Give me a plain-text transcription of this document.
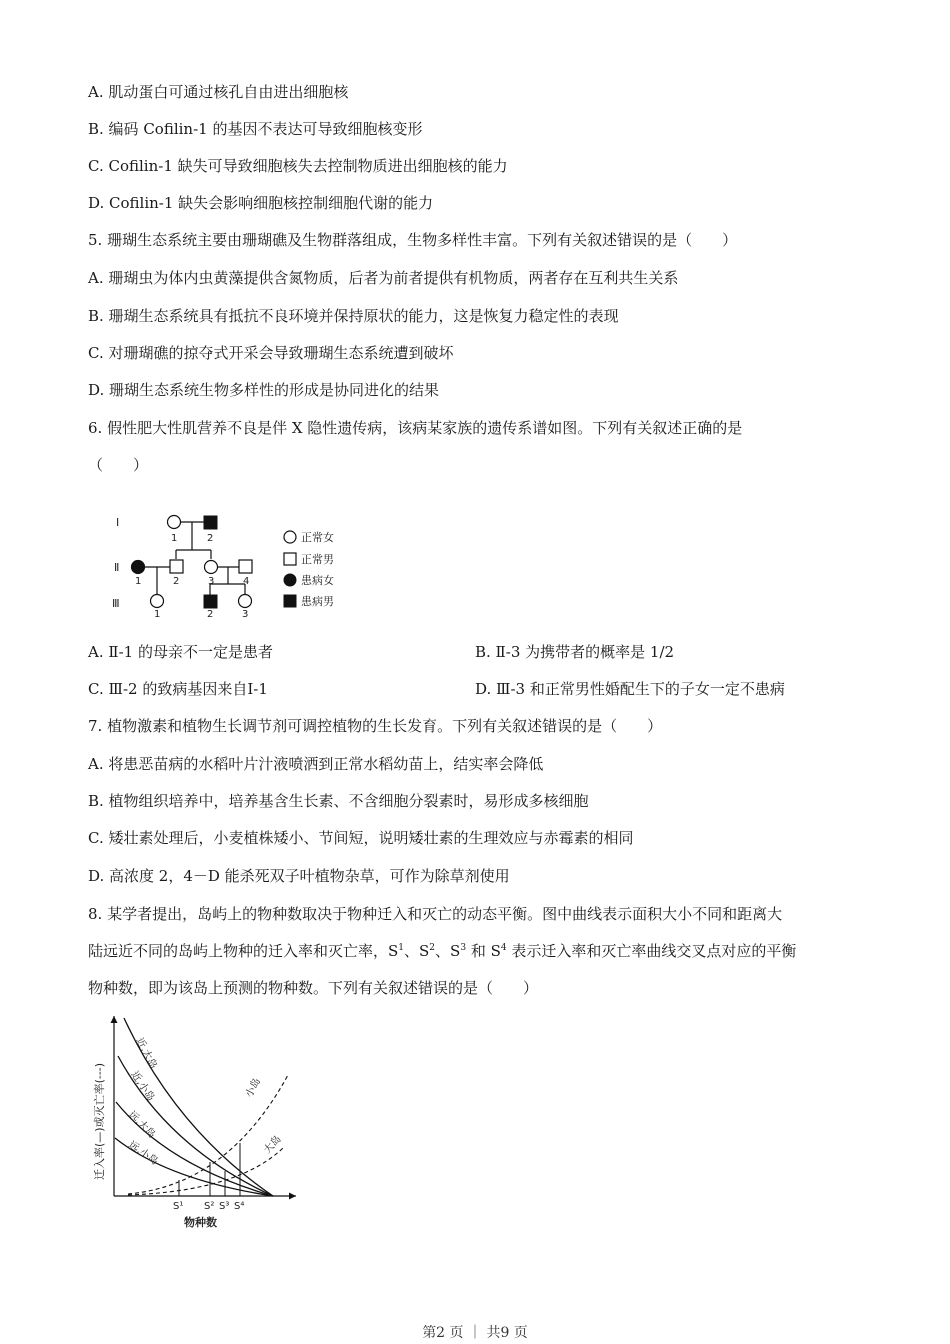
A. 肌动蛋白可通过核孔自由进出细胞核
B. 编码 Cofilin-1 的基因不表达可导致细胞核变形
C. Cofilin-1 缺失可导致细胞核失去控制物质进出细胞核的能力
D. Cofilin-1 缺失会影响细胞核控制细胞代谢的能力
5. 珊瑚生态系统主要由珊瑚礁及生物群落组成，生物多样性丰富。下列有关叙述错误的是（　　）
A. 珊瑚虫为体内虫黄藻提供含氮物质，后者为前者提供有机物质，两者存在互利共生关系
B. 珊瑚生态系统具有抵抗不良环境并保持原状的能力，这是恢复力稳定性的表现
C. 对珊瑚礁的掠夺式开采会导致珊瑚生态系统遭到破坏
D. 珊瑚生态系统生物多样性的形成是协同进化的结果
6. 假性肥大性肌营养不良是伴 X 隐性遗传病，该病某家族的遗传系谱如图。下列有关叙述正确的是
（　　）
Ⅰ
Ⅱ
Ⅲ
1	2
1	2	3	4
1	2	3
正常女
正常男
患病女
患病男
A. Ⅱ-1 的母亲不一定是患者	B. Ⅱ-3 为携带者的概率是 1/2
C. Ⅲ-2 的致病基因来自Ⅰ-1	D. Ⅲ-3 和正常男性婚配生下的子女一定不患病
7. 植物激素和植物生长调节剂可调控植物的生长发育。下列有关叙述错误的是（　　）
A. 将患恶苗病的水稻叶片汁液喷洒到正常水稻幼苗上，结实率会降低
B. 植物组织培养中，培养基含生长素、不含细胞分裂素时，易形成多核细胞
C. 矮壮素处理后，小麦植株矮小、节间短，说明矮壮素的生理效应与赤霉素的相同
D. 高浓度 2，4－D 能杀死双子叶植物杂草，可作为除草剂使用
8. 某学者提出，岛屿上的物种数取决于物种迁入和灭亡的动态平衡。图中曲线表示面积大小不同和距离大
陆远近不同的岛屿上物种的迁入率和灭亡率，$S^1$、$S^2$、$S^3$ 和 $S^4$ 表示迁入率和灭亡率曲线交叉点对应的平衡
物种数，即为该岛上预测的物种数。下列有关叙述错误的是（　　）
迁入率(—)或灭亡率(---)
近,大岛
近,小岛
远,大岛
远,小岛
小岛
大岛
S¹ S² S³ S⁴
物种数
第2 页 ｜ 共9 页
